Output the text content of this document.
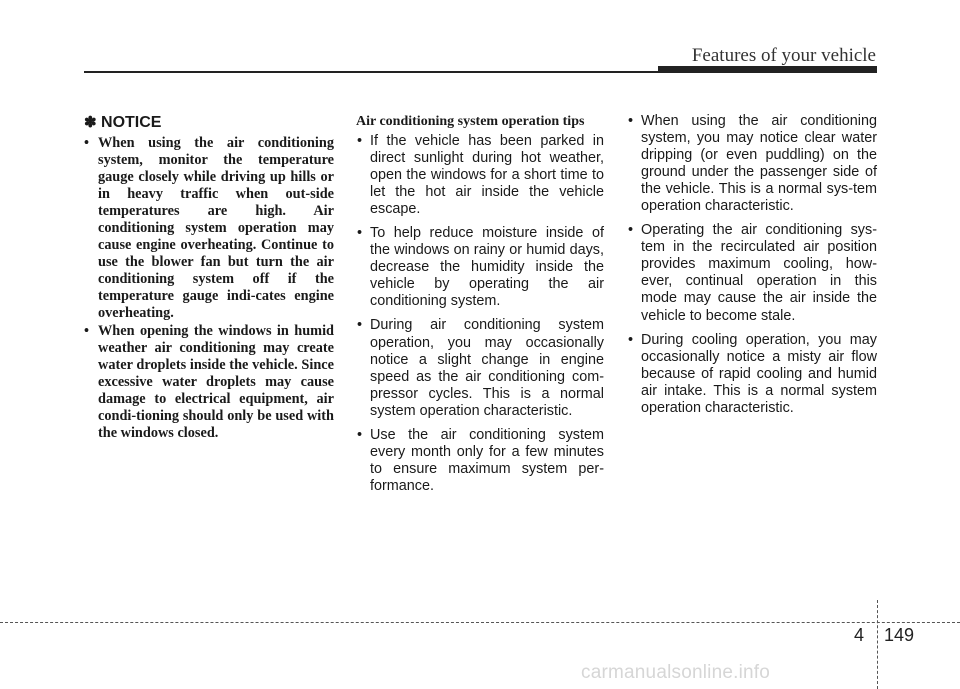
Features of your vehicle
✽ NOTICE
• When using the air conditioning system, monitor the temperature gauge closely while driving up hills or in heavy traffic when out-side temperatures are high. Air conditioning system operation may cause engine overheating. Continue to use the blower fan but turn the air conditioning system off if the temperature gauge indi-cates engine overheating.
• When opening the windows in humid weather air conditioning may create water droplets inside the vehicle. Since excessive water droplets may cause damage to electrical equipment, air condi-tioning should only be used with the windows closed.
Air conditioning system operation tips
• If the vehicle has been parked in direct sunlight during hot weather, open the windows for a short time to let the hot air inside the vehicle escape.
• To help reduce moisture inside of the windows on rainy or humid days, decrease the humidity inside the vehicle by operating the air conditioning system.
• During air conditioning system operation, you may occasionally notice a slight change in engine speed as the air conditioning com-pressor cycles. This is a normal system operation characteristic.
• Use the air conditioning system every month only for a few minutes to ensure maximum system per-formance.
• When using the air conditioning system, you may notice clear water dripping (or even puddling) on the ground under the passenger side of the vehicle. This is a normal sys-tem operation characteristic.
• Operating the air conditioning sys-tem in the recirculated air position provides maximum cooling, how-ever, continual operation in this mode may cause the air inside the vehicle to become stale.
• During cooling operation, you may occasionally notice a misty air flow because of rapid cooling and humid air intake. This is a normal system operation characteristic.
4 149
carmanualsonline.info
